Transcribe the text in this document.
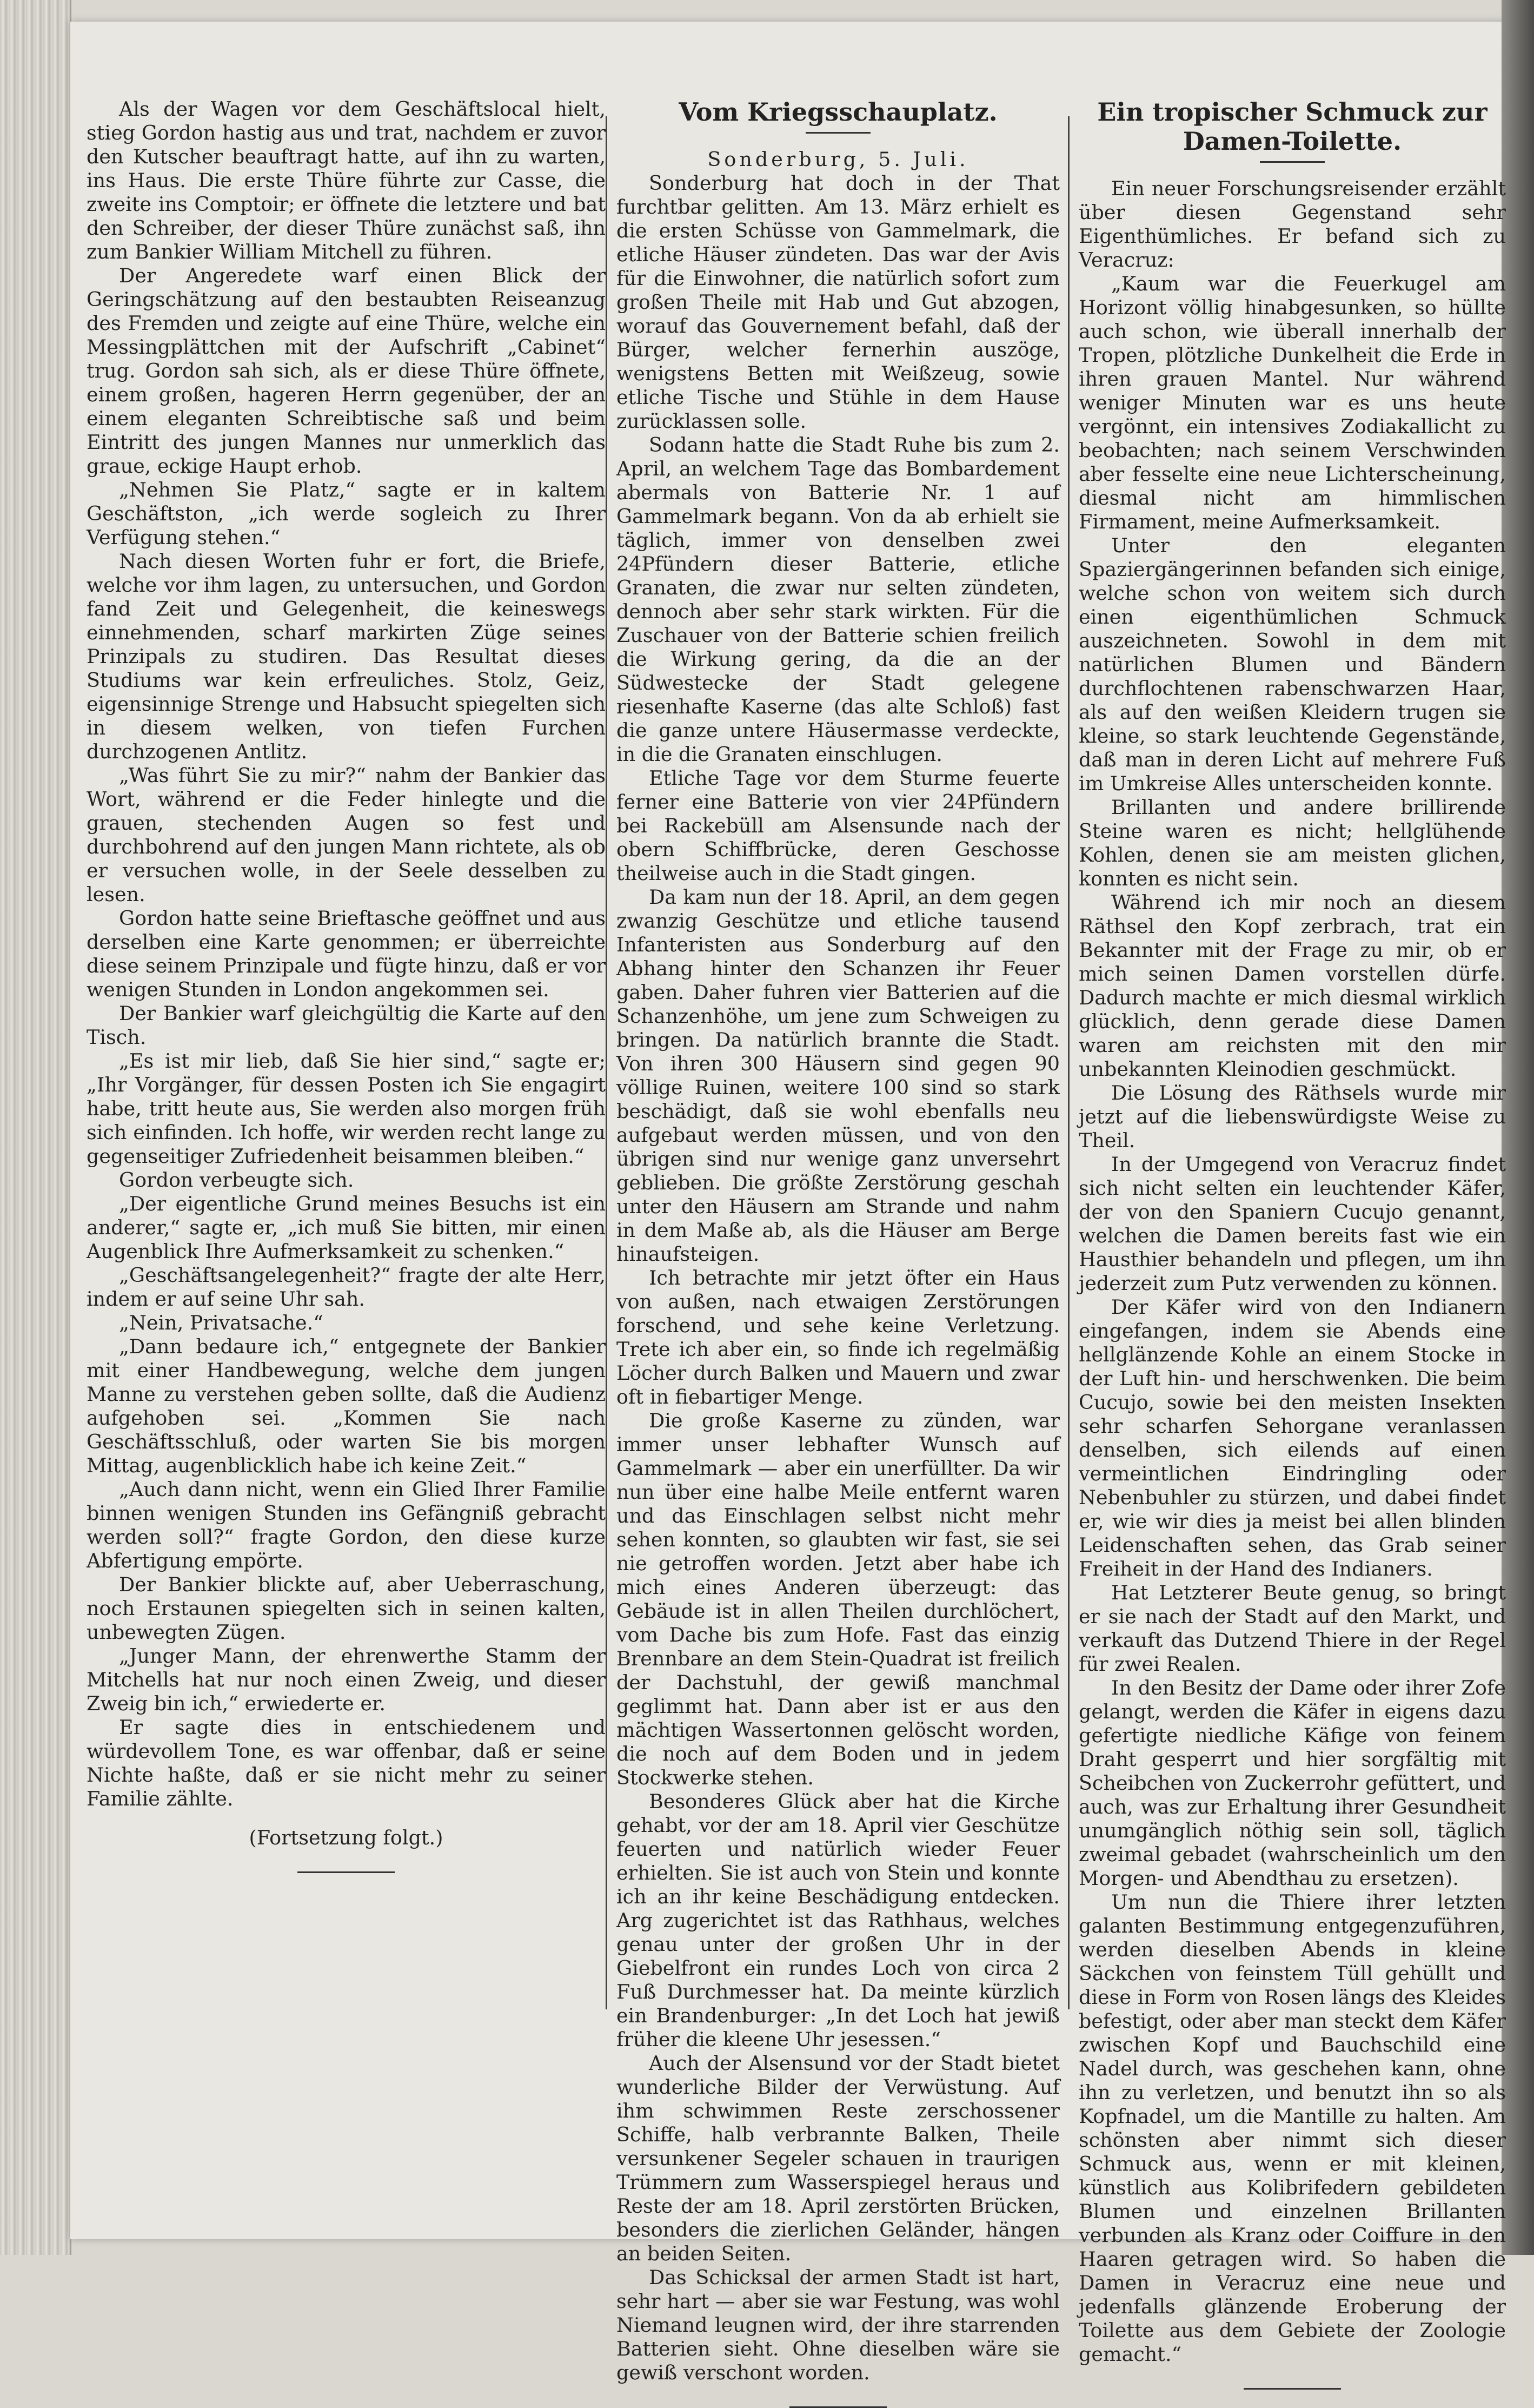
Als der Wagen vor dem Geschäftslocal hielt, stieg Gordon hastig aus und trat, nachdem er zuvor den Kutscher beauftragt hatte, auf ihn zu warten, ins Haus. Die erste Thüre führte zur Casse, die zweite ins Comptoir; er öffnete die letztere und bat den Schreiber, der dieser Thüre zunächst saß, ihn zum Bankier William Mitchell zu führen.

Der Angeredete warf einen Blick der Geringschätzung auf den bestaubten Reiseanzug des Fremden und zeigte auf eine Thüre, welche ein Messingplättchen mit der Aufschrift „Cabinet“ trug. Gordon sah sich, als er diese Thüre öffnete, einem großen, hageren Herrn gegenüber, der an einem eleganten Schreibtische saß und beim Eintritt des jungen Mannes nur unmerklich das graue, eckige Haupt erhob.

„Nehmen Sie Platz,“ sagte er in kaltem Geschäftston, „ich werde sogleich zu Ihrer Verfügung stehen.“

Nach diesen Worten fuhr er fort, die Briefe, welche vor ihm lagen, zu untersuchen, und Gordon fand Zeit und Gelegenheit, die keineswegs einnehmenden, scharf markirten Züge seines Prinzipals zu studiren. Das Resultat dieses Studiums war kein erfreuliches. Stolz, Geiz, eigensinnige Strenge und Habsucht spiegelten sich in diesem welken, von tiefen Furchen durchzogenen Antlitz.

„Was führt Sie zu mir?“ nahm der Bankier das Wort, während er die Feder hinlegte und die grauen, stechenden Augen so fest und durchbohrend auf den jungen Mann richtete, als ob er versuchen wolle, in der Seele desselben zu lesen.

Gordon hatte seine Brieftasche geöffnet und aus derselben eine Karte genommen; er überreichte diese seinem Prinzipale und fügte hinzu, daß er vor wenigen Stunden in London angekommen sei.

Der Bankier warf gleichgültig die Karte auf den Tisch.

„Es ist mir lieb, daß Sie hier sind,“ sagte er; „Ihr Vorgänger, für dessen Posten ich Sie engagirt habe, tritt heute aus, Sie werden also morgen früh sich einfinden. Ich hoffe, wir werden recht lange zu gegenseitiger Zufriedenheit beisammen bleiben.“

Gordon verbeugte sich.

„Der eigentliche Grund meines Besuchs ist ein anderer,“ sagte er, „ich muß Sie bitten, mir einen Augenblick Ihre Aufmerksamkeit zu schenken.“

„Geschäftsangelegenheit?“ fragte der alte Herr, indem er auf seine Uhr sah.

„Nein, Privatsache.“

„Dann bedaure ich,“ entgegnete der Bankier mit einer Handbewegung, welche dem jungen Manne zu verstehen geben sollte, daß die Audienz aufgehoben sei. „Kommen Sie nach Geschäftsschluß, oder warten Sie bis morgen Mittag, augenblicklich habe ich keine Zeit.“

„Auch dann nicht, wenn ein Glied Ihrer Familie binnen wenigen Stunden ins Gefängniß gebracht werden soll?“ fragte Gordon, den diese kurze Abfertigung empörte.

Der Bankier blickte auf, aber Ueberraschung, noch Erstaunen spiegelten sich in seinen kalten, unbewegten Zügen.

„Junger Mann, der ehrenwerthe Stamm der Mitchells hat nur noch einen Zweig, und dieser Zweig bin ich,“ erwiederte er.

Er sagte dies in entschiedenem und würdevollem Tone, es war offenbar, daß er seine Nichte haßte, daß er sie nicht mehr zu seiner Familie zählte.

(Fortsetzung folgt.)

Vom Kriegsschauplatz.

Sonderburg, 5. Juli.

Sonderburg hat doch in der That furchtbar gelitten. Am 13. März erhielt es die ersten Schüsse von Gammelmark, die etliche Häuser zündeten. Das war der Avis für die Einwohner, die natürlich sofort zum großen Theile mit Hab und Gut abzogen, worauf das Gouvernement befahl, daß der Bürger, welcher fernerhin auszöge, wenigstens Betten mit Weißzeug, sowie etliche Tische und Stühle in dem Hause zurücklassen solle.

Sodann hatte die Stadt Ruhe bis zum 2. April, an welchem Tage das Bombardement abermals von Batterie Nr. 1 auf Gammelmark begann. Von da ab erhielt sie täglich, immer von denselben zwei 24Pfündern dieser Batterie, etliche Granaten, die zwar nur selten zündeten, dennoch aber sehr stark wirkten. Für die Zuschauer von der Batterie schien freilich die Wirkung gering, da die an der Südwestecke der Stadt gelegene riesenhafte Kaserne (das alte Schloß) fast die ganze untere Häusermasse verdeckte, in die die Granaten einschlugen.

Etliche Tage vor dem Sturme feuerte ferner eine Batterie von vier 24Pfündern bei Rackebüll am Alsensunde nach der obern Schiffbrücke, deren Geschosse theilweise auch in die Stadt gingen.

Da kam nun der 18. April, an dem gegen zwanzig Geschütze und etliche tausend Infanteristen aus Sonderburg auf den Abhang hinter den Schanzen ihr Feuer gaben. Daher fuhren vier Batterien auf die Schanzenhöhe, um jene zum Schweigen zu bringen. Da natürlich brannte die Stadt. Von ihren 300 Häusern sind gegen 90 völlige Ruinen, weitere 100 sind so stark beschädigt, daß sie wohl ebenfalls neu aufgebaut werden müssen, und von den übrigen sind nur wenige ganz unversehrt geblieben. Die größte Zerstörung geschah unter den Häusern am Strande und nahm in dem Maße ab, als die Häuser am Berge hinaufsteigen.

Ich betrachte mir jetzt öfter ein Haus von außen, nach etwaigen Zerstörungen forschend, und sehe keine Verletzung. Trete ich aber ein, so finde ich regelmäßig Löcher durch Balken und Mauern und zwar oft in fiebartiger Menge.

Die große Kaserne zu zünden, war immer unser lebhafter Wunsch auf Gammelmark — aber ein unerfüllter. Da wir nun über eine halbe Meile entfernt waren und das Einschlagen selbst nicht mehr sehen konnten, so glaubten wir fast, sie sei nie getroffen worden. Jetzt aber habe ich mich eines Anderen überzeugt: das Gebäude ist in allen Theilen durchlöchert, vom Dache bis zum Hofe. Fast das einzig Brennbare an dem Stein-Quadrat ist freilich der Dachstuhl, der gewiß manchmal geglimmt hat. Dann aber ist er aus den mächtigen Wassertonnen gelöscht worden, die noch auf dem Boden und in jedem Stockwerke stehen.

Besonderes Glück aber hat die Kirche gehabt, vor der am 18. April vier Geschütze feuerten und natürlich wieder Feuer erhielten. Sie ist auch von Stein und konnte ich an ihr keine Beschädigung entdecken. Arg zugerichtet ist das Rathhaus, welches genau unter der großen Uhr in der Giebelfront ein rundes Loch von circa 2 Fuß Durchmesser hat. Da meinte kürzlich ein Brandenburger: „In det Loch hat jewiß früher die kleene Uhr jesessen.“

Auch der Alsensund vor der Stadt bietet wunderliche Bilder der Verwüstung. Auf ihm schwimmen Reste zerschossener Schiffe, halb verbrannte Balken, Theile versunkener Segeler schauen in traurigen Trümmern zum Wasserspiegel heraus und Reste der am 18. April zerstörten Brücken, besonders die zierlichen Geländer, hängen an beiden Seiten.

Das Schicksal der armen Stadt ist hart, sehr hart — aber sie war Festung, was wohl Niemand leugnen wird, der ihre starrenden Batterien sieht. Ohne dieselben wäre sie gewiß verschont worden.

Ein tropischer Schmuck zur Damen-Toilette.

Ein neuer Forschungsreisender erzählt über diesen Gegenstand sehr Eigenthümliches. Er befand sich zu Veracruz:

„Kaum war die Feuerkugel am Horizont völlig hinabgesunken, so hüllte auch schon, wie überall innerhalb der Tropen, plötzliche Dunkelheit die Erde in ihren grauen Mantel. Nur während weniger Minuten war es uns heute vergönnt, ein intensives Zodiakallicht zu beobachten; nach seinem Verschwinden aber fesselte eine neue Lichterscheinung, diesmal nicht am himmlischen Firmament, meine Aufmerksamkeit.

Unter den eleganten Spaziergängerinnen befanden sich einige, welche schon von weitem sich durch einen eigenthümlichen Schmuck auszeichneten. Sowohl in dem mit natürlichen Blumen und Bändern durchflochtenen rabenschwarzen Haar, als auf den weißen Kleidern trugen sie kleine, so stark leuchtende Gegenstände, daß man in deren Licht auf mehrere Fuß im Umkreise Alles unterscheiden konnte.

Brillanten und andere brillirende Steine waren es nicht; hellglühende Kohlen, denen sie am meisten glichen, konnten es nicht sein.

Während ich mir noch an diesem Räthsel den Kopf zerbrach, trat ein Bekannter mit der Frage zu mir, ob er mich seinen Damen vorstellen dürfe. Dadurch machte er mich diesmal wirklich glücklich, denn gerade diese Damen waren am reichsten mit den mir unbekannten Kleinodien geschmückt.

Die Lösung des Räthsels wurde mir jetzt auf die liebenswürdigste Weise zu Theil.

In der Umgegend von Veracruz findet sich nicht selten ein leuchtender Käfer, der von den Spaniern Cucujo genannt, welchen die Damen bereits fast wie ein Hausthier behandeln und pflegen, um ihn jederzeit zum Putz verwenden zu können.

Der Käfer wird von den Indianern eingefangen, indem sie Abends eine hellglänzende Kohle an einem Stocke in der Luft hin- und herschwenken. Die beim Cucujo, sowie bei den meisten Insekten sehr scharfen Sehorgane veranlassen denselben, sich eilends auf einen vermeintlichen Eindringling oder Nebenbuhler zu stürzen, und dabei findet er, wie wir dies ja meist bei allen blinden Leidenschaften sehen, das Grab seiner Freiheit in der Hand des Indianers.

Hat Letzterer Beute genug, so bringt er sie nach der Stadt auf den Markt, und verkauft das Dutzend Thiere in der Regel für zwei Realen.

In den Besitz der Dame oder ihrer Zofe gelangt, werden die Käfer in eigens dazu gefertigte niedliche Käfige von feinem Draht gesperrt und hier sorgfältig mit Scheibchen von Zuckerrohr gefüttert, und auch, was zur Erhaltung ihrer Gesundheit unumgänglich nöthig sein soll, täglich zweimal gebadet (wahrscheinlich um den Morgen- und Abendthau zu ersetzen).

Um nun die Thiere ihrer letzten galanten Bestimmung entgegenzuführen, werden dieselben Abends in kleine Säckchen von feinstem Tüll gehüllt und diese in Form von Rosen längs des Kleides befestigt, oder aber man steckt dem Käfer zwischen Kopf und Bauchschild eine Nadel durch, was geschehen kann, ohne ihn zu verletzen, und benutzt ihn so als Kopfnadel, um die Mantille zu halten. Am schönsten aber nimmt sich dieser Schmuck aus, wenn er mit kleinen, künstlich aus Kolibrifedern gebildeten Blumen und einzelnen Brillanten verbunden als Kranz oder Coiffure in den Haaren getragen wird. So haben die Damen in Veracruz eine neue und jedenfalls glänzende Eroberung der Toilette aus dem Gebiete der Zoologie gemacht.“
